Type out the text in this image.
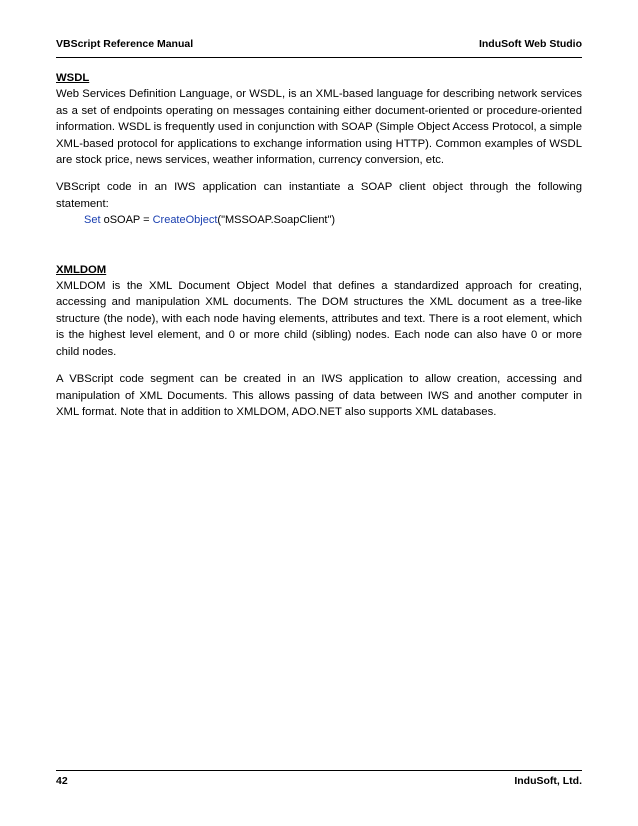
VBScript Reference Manual	InduSoft Web Studio

WSDL

Web Services Definition Language, or WSDL, is an XML-based language for describing network services as a set of endpoints operating on messages containing either document-oriented or procedure-oriented information. WSDL is frequently used in conjunction with SOAP (Simple Object Access Protocol, a simple XML-based protocol for applications to exchange information using HTTP). Common examples of WSDL are stock price, news services, weather information, currency conversion, etc.

VBScript code in an IWS application can instantiate a SOAP client object through the following statement:

Set oSOAP = CreateObject("MSSOAP.SoapClient")

XMLDOM

XMLDOM is the XML Document Object Model that defines a standardized approach for creating, accessing and manipulation XML documents. The DOM structures the XML document as a tree-like structure (the node), with each node having elements, attributes and text. There is a root element, which is the highest level element, and 0 or more child (sibling) nodes. Each node can also have 0 or more child nodes.

A VBScript code segment can be created in an IWS application to allow creation, accessing and manipulation of XML Documents. This allows passing of data between IWS and another computer in XML format. Note that in addition to XMLDOM, ADO.NET also supports XML databases.

42	InduSoft, Ltd.
